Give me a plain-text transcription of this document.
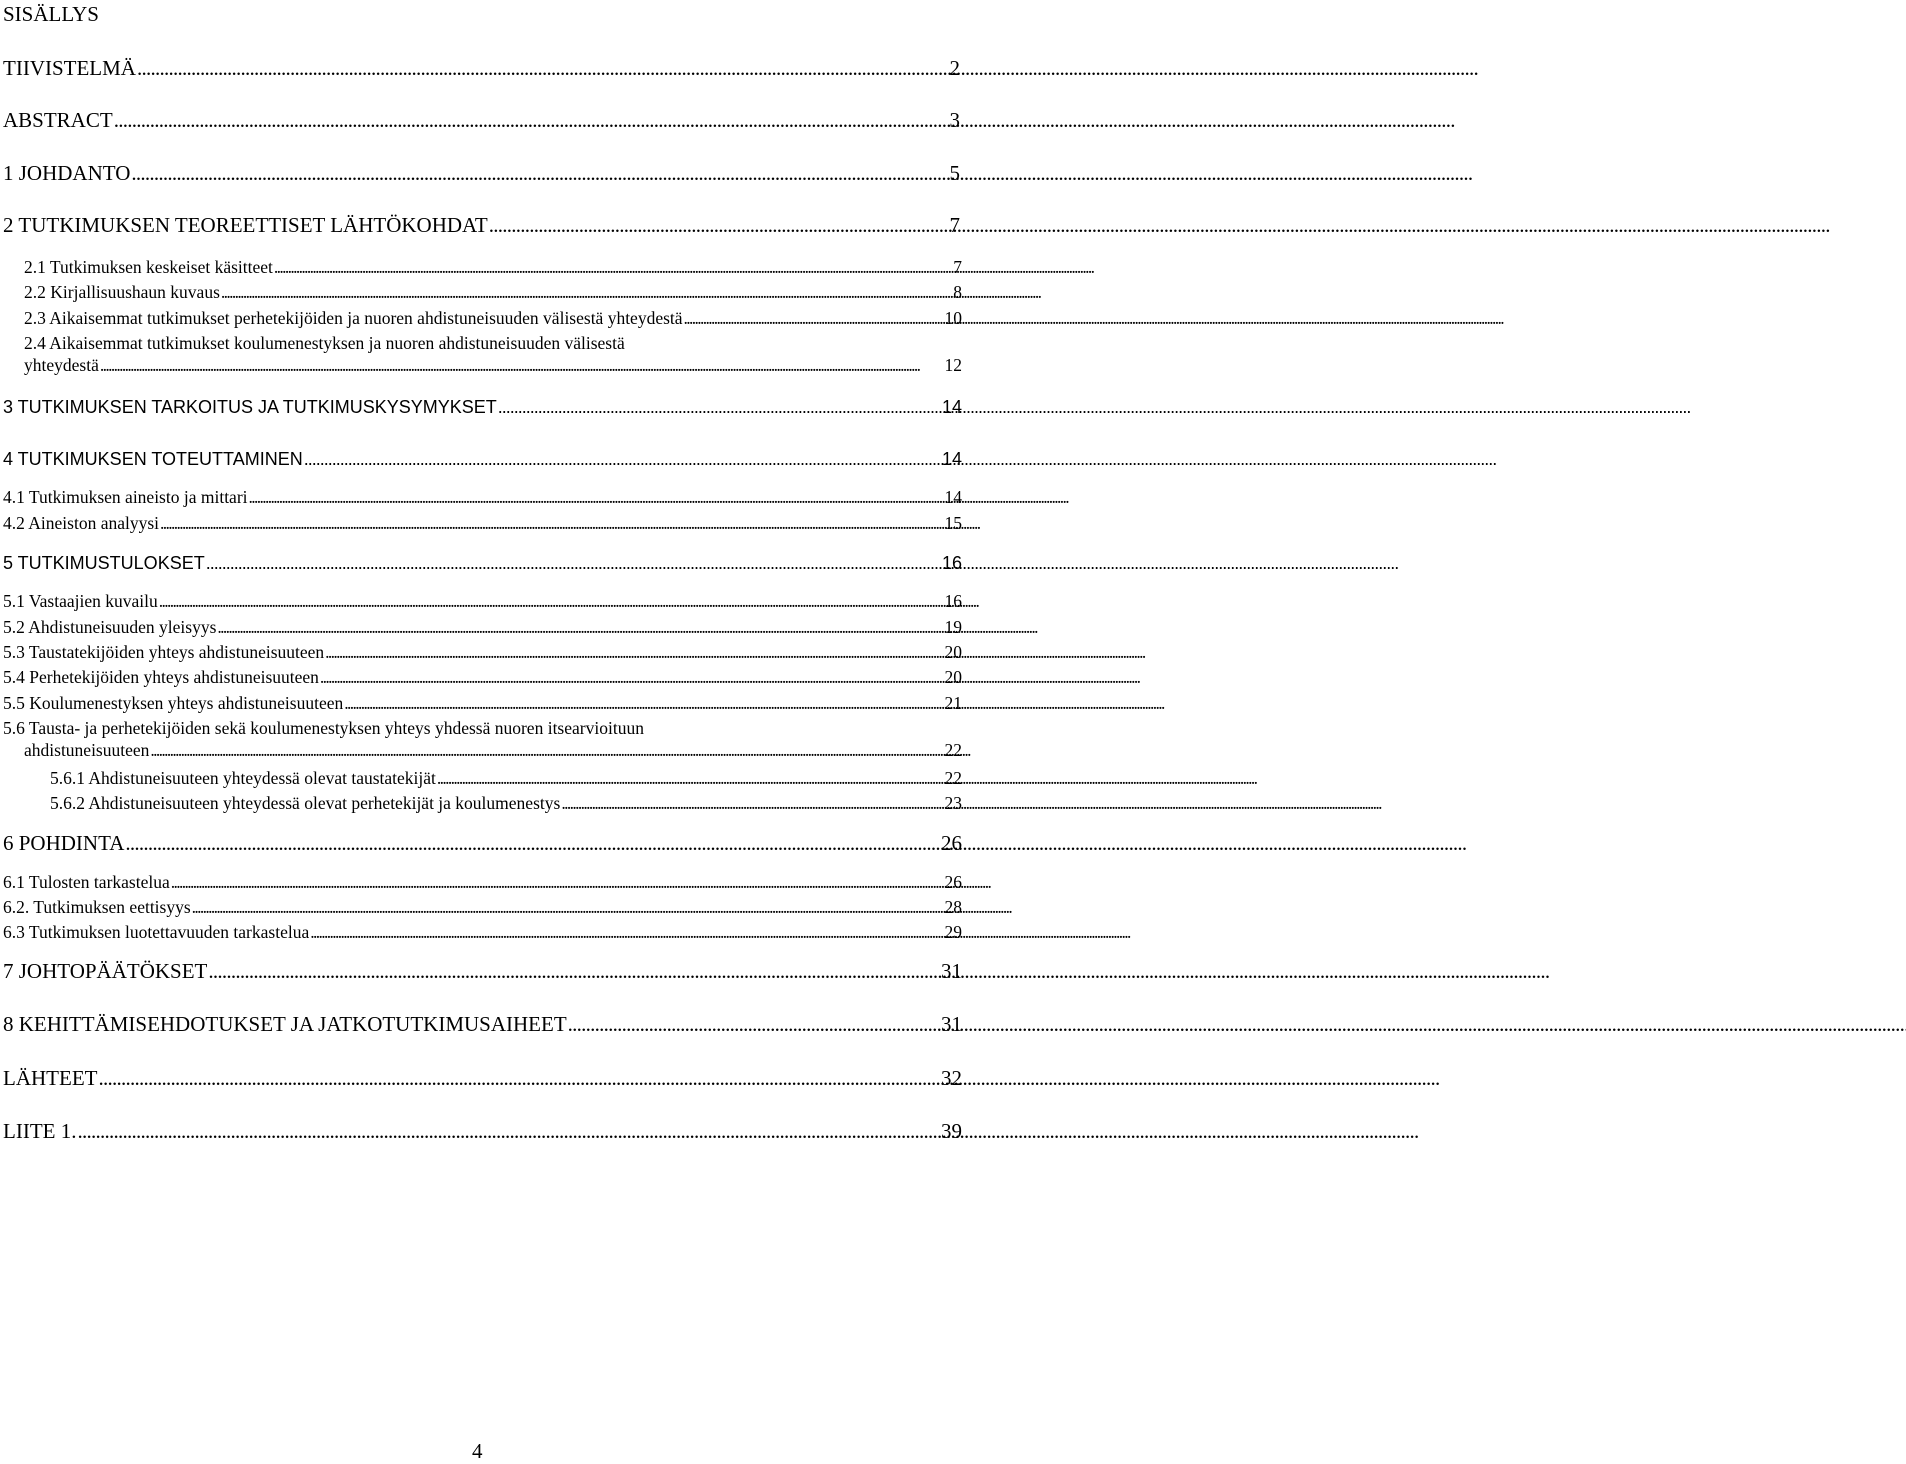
SISÄLLYS
TIIVISTELMÄ . . .	2
ABSTRACT . . .	3
1 JOHDANTO . . .	5
2 TUTKIMUKSEN TEOREETTISET LÄHTÖKOHDAT . . .	7
2.1 Tutkimuksen keskeiset käsitteet . . .	7
2.2 Kirjallisuushaun kuvaus . . .	8
2.3 Aikaisemmat tutkimukset perhetekijöiden ja nuoren ahdistuneisuuden välisestä yhteydestä . . .	10
2.4 Aikaisemmat tutkimukset koulumenestyksen ja nuoren ahdistuneisuuden välisestä
yhteydestä . . .	12
3 TUTKIMUKSEN TARKOITUS JA TUTKIMUSKYSYMYKSET . . .	14
4 TUTKIMUKSEN TOTEUTTAMINEN . . .	14
4.1 Tutkimuksen aineisto ja mittari . . .	14
4.2 Aineiston analyysi . . .	15
5 TUTKIMUSTULOKSET . . .	16
5.1 Vastaajien kuvailu . . .	16
5.2 Ahdistuneisuuden yleisyys . . .	19
5.3 Taustatekijöiden yhteys ahdistuneisuuteen . . .	20
5.4 Perhetekijöiden yhteys ahdistuneisuuteen . . .	20
5.5 Koulumenestyksen yhteys ahdistuneisuuteen . . .	21
5.6 Tausta- ja perhetekijöiden sekä koulumenestyksen yhteys yhdessä nuoren itsearvioituun
ahdistuneisuuteen . . .	22
5.6.1 Ahdistuneisuuteen yhteydessä olevat taustatekijät . . .	22
5.6.2 Ahdistuneisuuteen yhteydessä olevat perhetekijät ja koulumenestys . . .	23
6 POHDINTA . . .	26
6.1 Tulosten tarkastelua . . .	26
6.2. Tutkimuksen eettisyys . . .	28
6.3 Tutkimuksen luotettavuuden tarkastelua . . .	29
7 JOHTOPÄÄTÖKSET . . .	31
8 KEHITTÄMISEHDOTUKSET JA JATKOTUTKIMUSAIHEET . . .	31
LÄHTEET . . .	32
LIITE 1. . . .	39
4
